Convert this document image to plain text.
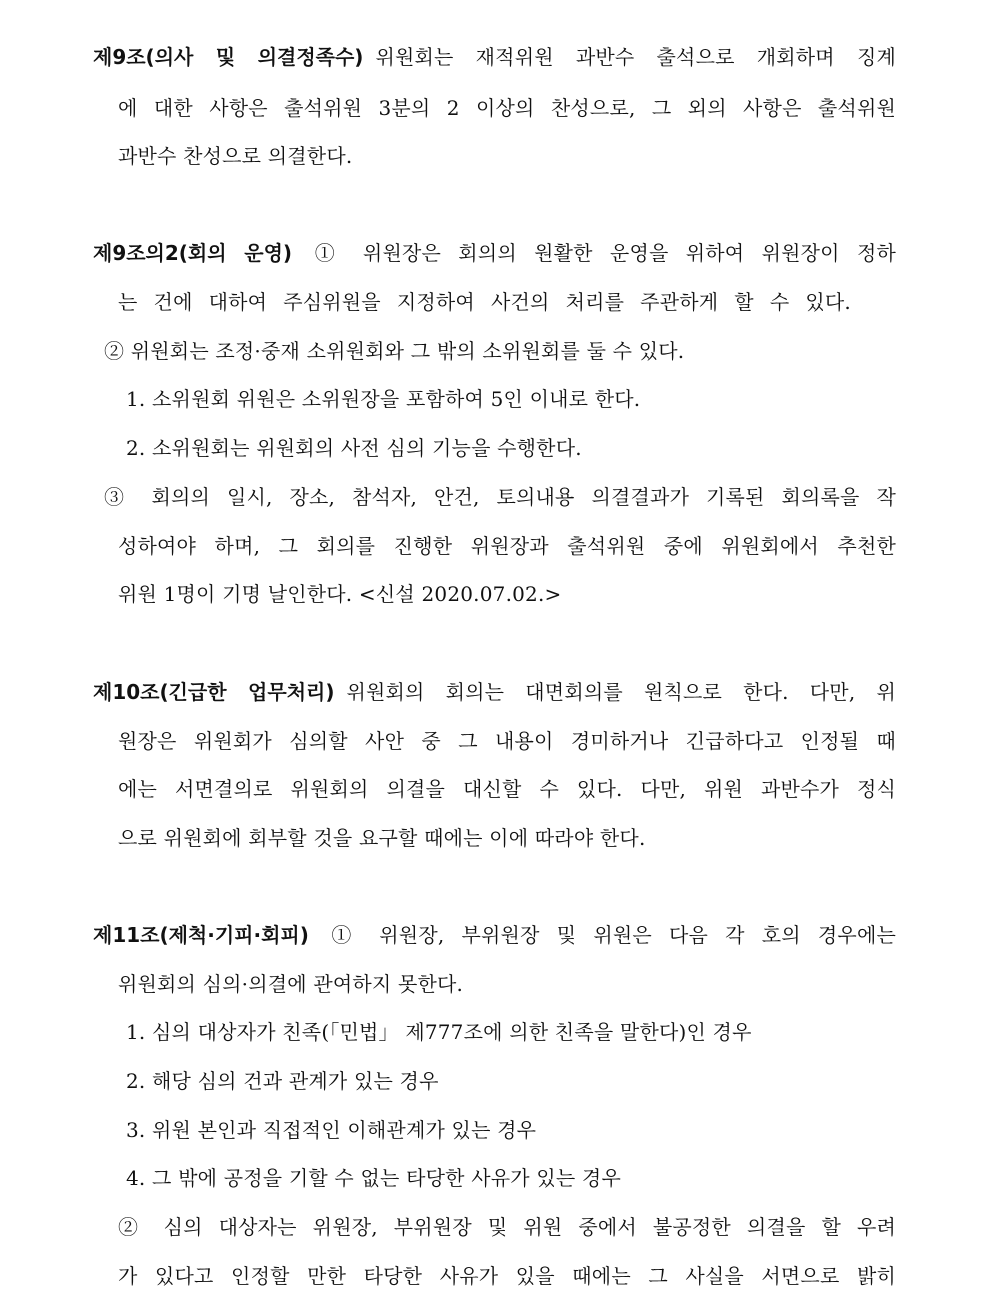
제9조(의사 및 의결정족수) 위원회는 재적위원 과반수 출석으로 개회하며 징계
에 대한 사항은 출석위원 3분의 2 이상의 찬성으로, 그 외의 사항은 출석위원
과반수 찬성으로 의결한다.
제9조의2(회의 운영) ① 위원장은 회의의 원활한 운영을 위하여 위원장이 정하
는 건에 대하여 주심위원을 지정하여 사건의 처리를 주관하게 할 수 있다.
② 위원회는 조정·중재 소위원회와 그 밖의 소위원회를 둘 수 있다.
1. 소위원회 위원은 소위원장을 포함하여 5인 이내로 한다.
2. 소위원회는 위원회의 사전 심의 기능을 수행한다.
③ 회의의 일시, 장소, 참석자, 안건, 토의내용 의결결과가 기록된 회의록을 작
성하여야 하며, 그 회의를 진행한 위원장과 출석위원 중에 위원회에서 추천한
위원 1명이 기명 날인한다. <신설 2020.07.02.>
제10조(긴급한 업무처리) 위원회의 회의는 대면회의를 원칙으로 한다. 다만, 위
원장은 위원회가 심의할 사안 중 그 내용이 경미하거나 긴급하다고 인정될 때
에는 서면결의로 위원회의 의결을 대신할 수 있다. 다만, 위원 과반수가 정식
으로 위원회에 회부할 것을 요구할 때에는 이에 따라야 한다.
제11조(제척·기피·회피) ① 위원장, 부위원장 및 위원은 다음 각 호의 경우에는
위원회의 심의·의결에 관여하지 못한다.
1. 심의 대상자가 친족(「민법」 제777조에 의한 친족을 말한다)인 경우
2. 해당 심의 건과 관계가 있는 경우
3. 위원 본인과 직접적인 이해관계가 있는 경우
4. 그 밖에 공정을 기할 수 없는 타당한 사유가 있는 경우
② 심의 대상자는 위원장, 부위원장 및 위원 중에서 불공정한 의결을 할 우려
가 있다고 인정할 만한 타당한 사유가 있을 때에는 그 사실을 서면으로 밝히
